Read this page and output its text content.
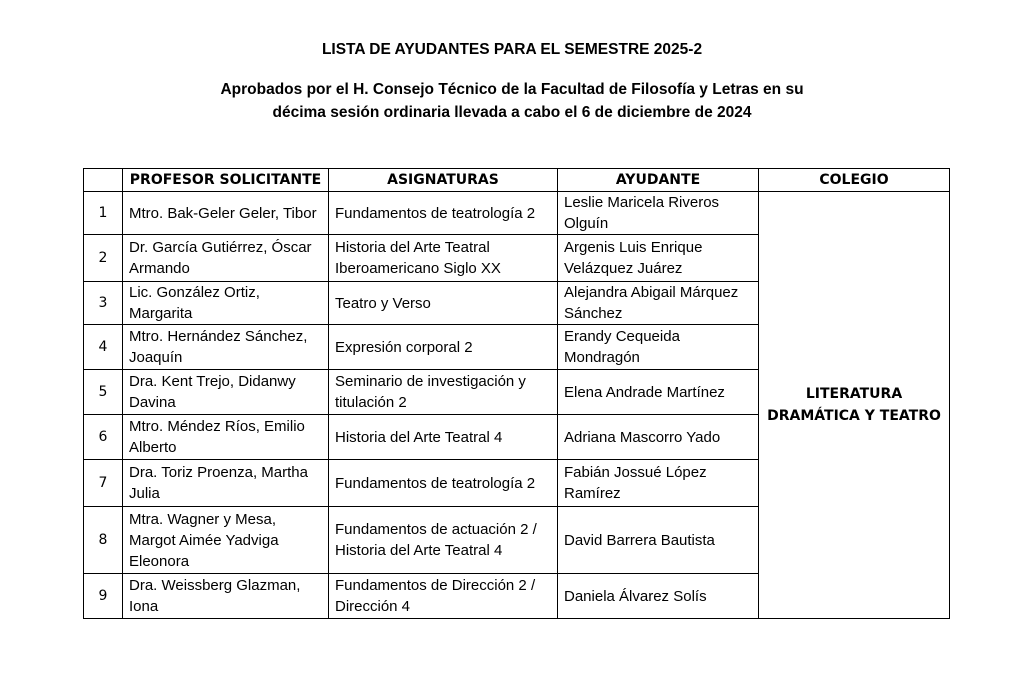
LISTA DE AYUDANTES PARA EL SEMESTRE 2025-2
Aprobados por el H. Consejo Técnico de la Facultad de Filosofía y Letras en su
décima sesión ordinaria llevada a cabo el 6 de diciembre de 2024
	PROFESOR SOLICITANTE	ASIGNATURAS	AYUDANTE	COLEGIO
1	Mtro. Bak-Geler Geler, Tibor	Fundamentos de teatrología 2	Leslie Maricela Riveros Olguín	LITERATURA
DRAMÁTICA Y TEATRO

2	Dr. García Gutiérrez, Óscar Armando	Historia del Arte Teatral Iberoamericano Siglo XX	Argenis Luis Enrique Velázquez Juárez	
3	Lic. González Ortiz, Margarita	Teatro y Verso	Alejandra Abigail Márquez Sánchez	
4	Mtro. Hernández Sánchez, Joaquín	Expresión corporal 2	Erandy Cequeida Mondragón	
5	Dra. Kent Trejo, Didanwy Davina	Seminario de investigación y titulación 2	Elena Andrade Martínez	
6	Mtro. Méndez Ríos, Emilio Alberto	Historia del Arte Teatral 4	Adriana Mascorro Yado	
7	Dra. Toriz Proenza, Martha Julia	Fundamentos de teatrología 2	Fabián Jossué López Ramírez	
8	Mtra. Wagner y Mesa, Margot Aimée Yadviga Eleonora	Fundamentos de actuación 2 / Historia del Arte Teatral 4	David Barrera Bautista	
9	Dra. Weissberg Glazman, Iona	Fundamentos de Dirección 2 / Dirección 4	Daniela Álvarez Solís	
